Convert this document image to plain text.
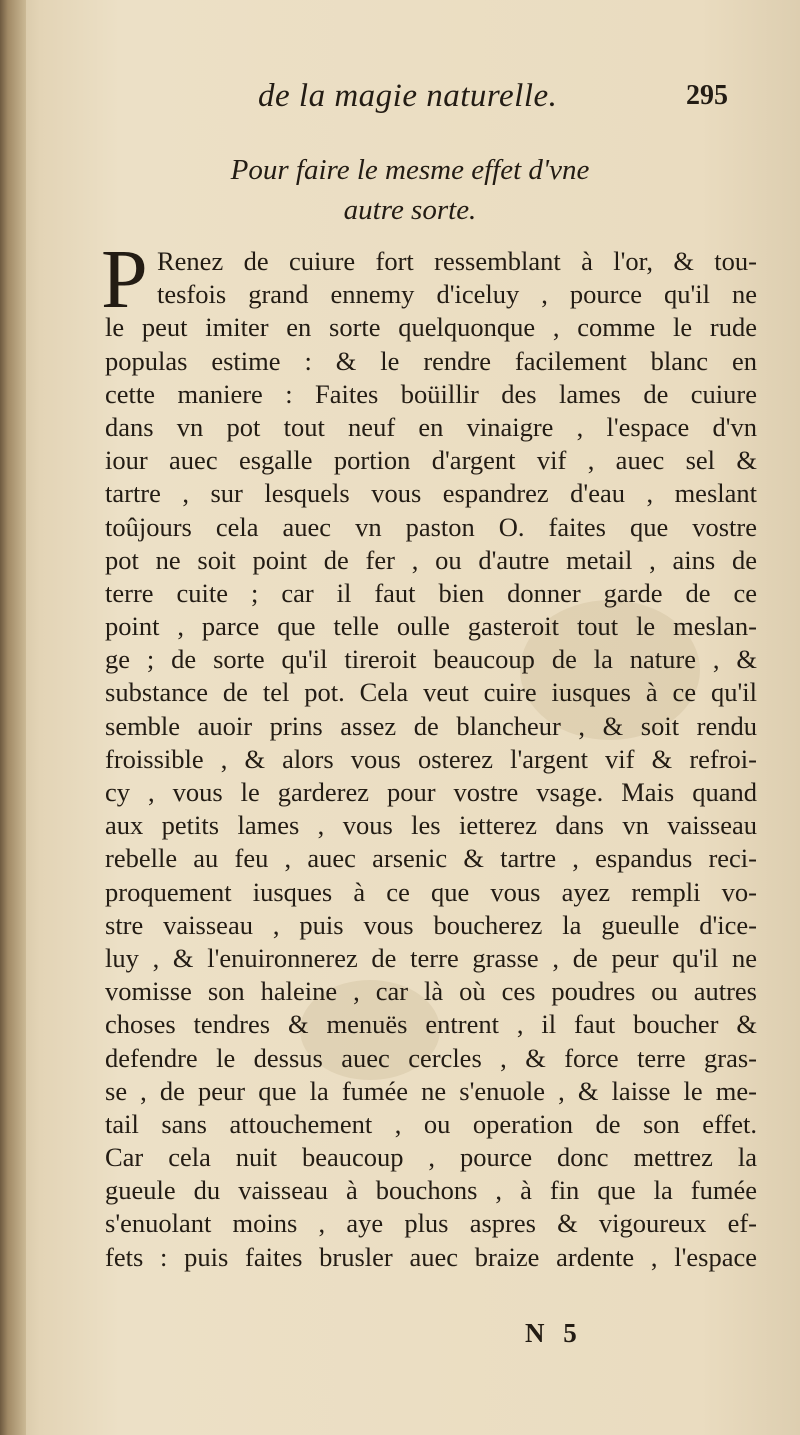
de la magie naturelle.	295
Pour faire le mesme effet d'vne
autre sorte.
P Renez de cuiure fort ressemblant à l'or, & tou-
tesfois grand ennemy d'iceluy , pource qu'il ne
le peut imiter en sorte quelquonque , comme le rude
populas estime : & le rendre facilement blanc en
cette maniere : Faites boüillir des lames de cuiure
dans vn pot tout neuf en vinaigre , l'espace d'vn
iour auec esgalle portion d'argent vif , auec sel &
tartre , sur lesquels vous espandrez d'eau , meslant
toûjours cela auec vn paston O. faites que vostre
pot ne soit point de fer , ou d'autre metail , ains de
terre cuite ; car il faut bien donner garde de ce
point , parce que telle oulle gasteroit tout le meslan-
ge ; de sorte qu'il tireroit beaucoup de la nature , &
substance de tel pot. Cela veut cuire iusques à ce qu'il
semble auoir prins assez de blancheur , & soit rendu
froissible , & alors vous osterez l'argent vif & refroi-
cy , vous le garderez pour vostre vsage. Mais quand
aux petits lames , vous les ietterez dans vn vaisseau
rebelle au feu , auec arsenic & tartre , espandus reci-
proquement iusques à ce que vous ayez rempli vo-
stre vaisseau , puis vous boucherez la gueulle d'ice-
luy , & l'enuironnerez de terre grasse , de peur qu'il ne
vomisse son haleine , car là où ces poudres ou autres
choses tendres & menuës entrent , il faut boucher &
defendre le dessus auec cercles , & force terre gras-
se , de peur que la fumée ne s'enuole , & laisse le me-
tail sans attouchement , ou operation de son effet.
Car cela nuit beaucoup , pource donc mettrez la
gueule du vaisseau à bouchons , à fin que la fumée
s'enuolant moins , aye plus aspres & vigoureux ef-
fets : puis faites brusler auec braize ardente , l'espace
N 5
